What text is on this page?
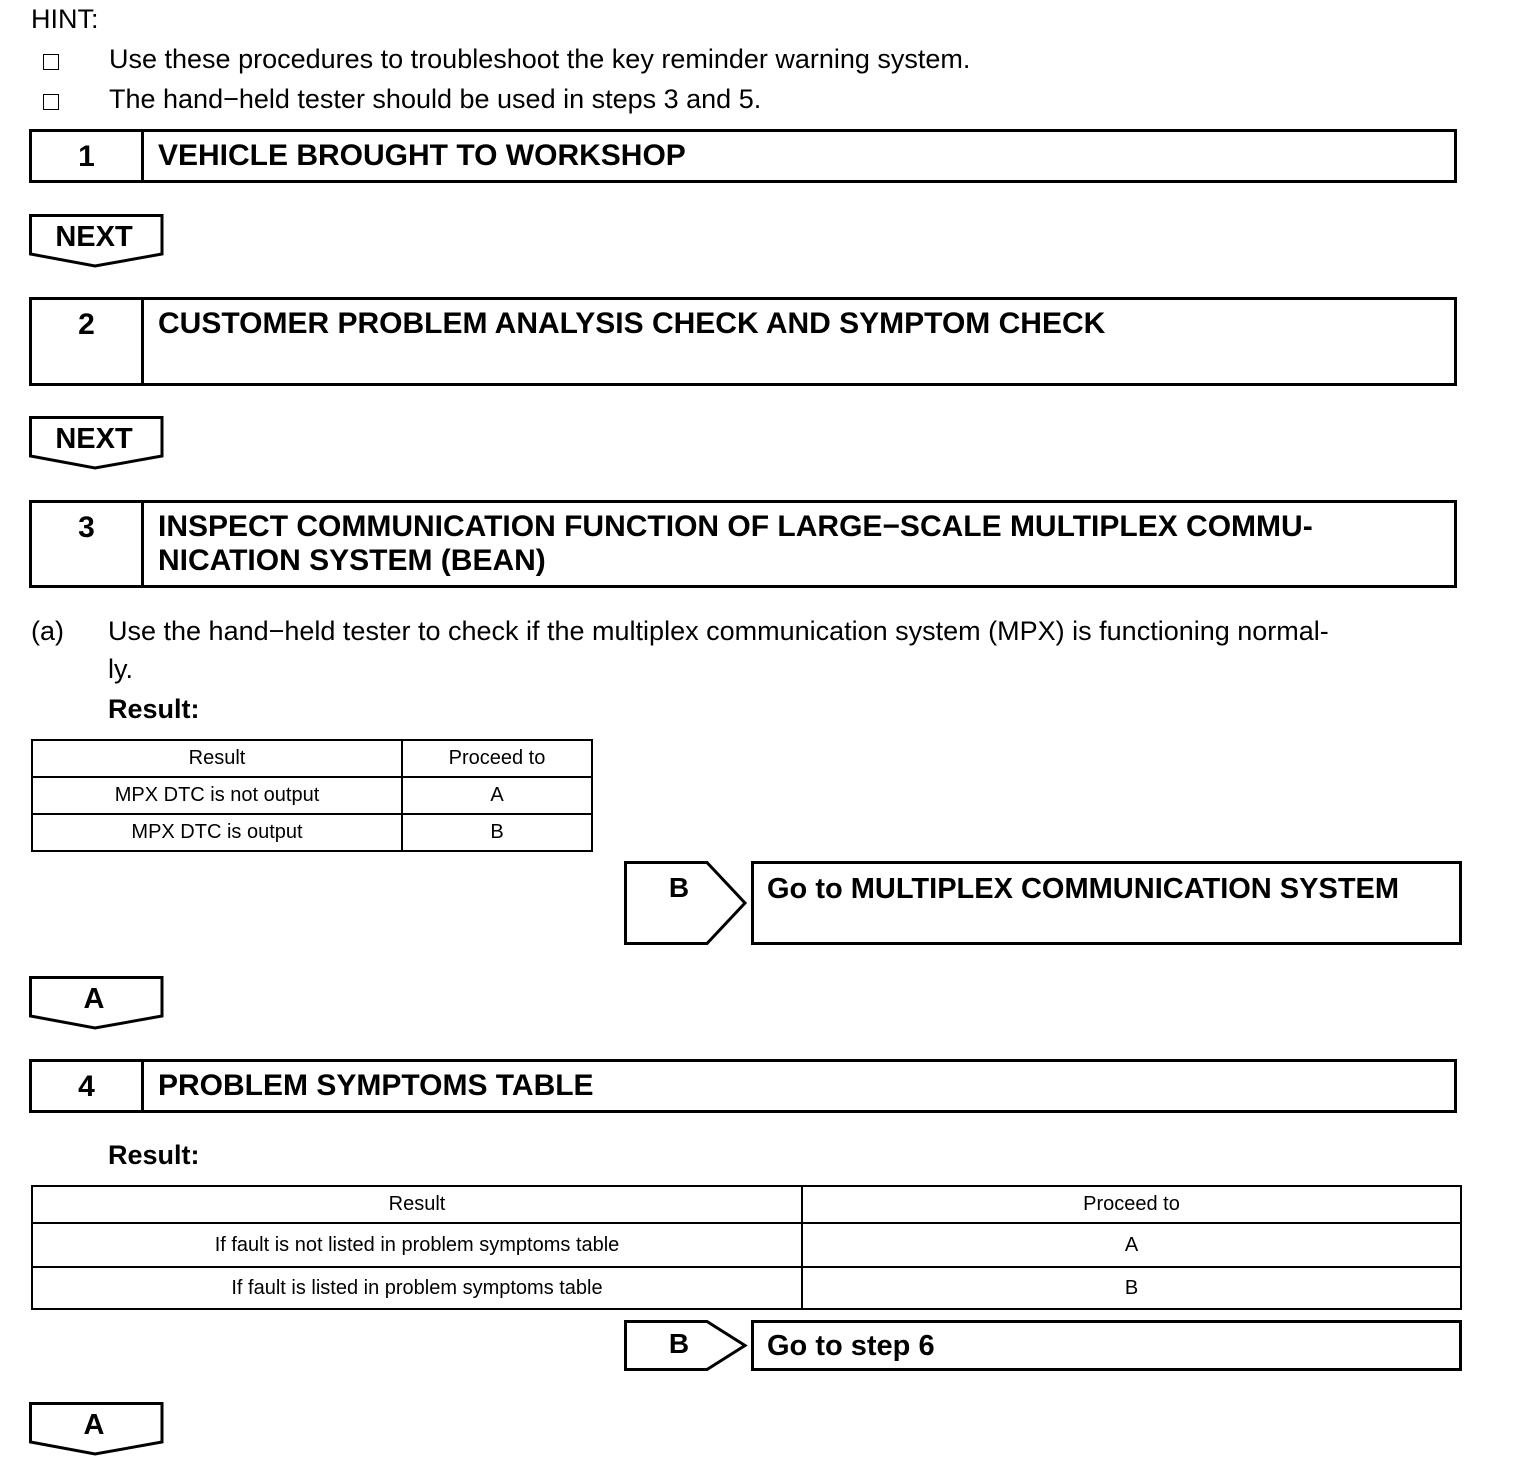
HINT:
Use these procedures to troubleshoot the key reminder warning system.
The hand−held tester should be used in steps 3 and 5.
1	VEHICLE BROUGHT TO WORKSHOP
NEXT
2	CUSTOMER PROBLEM ANALYSIS CHECK AND SYMPTOM CHECK
NEXT
3	INSPECT COMMUNICATION FUNCTION OF LARGE−SCALE MULTIPLEX COMMU-
NICATION SYSTEM (BEAN)
(a) Use the hand−held tester to check if the multiplex communication system (MPX) is functioning normal-
ly.
Result:
Result	Proceed to
MPX DTC is not output	A
MPX DTC is output	B
B	Go to MULTIPLEX COMMUNICATION SYSTEM
A
4	PROBLEM SYMPTOMS TABLE
Result:
Result	Proceed to
If fault is not listed in problem symptoms table	A
If fault is listed in problem symptoms table	B
B	Go to step 6
A
